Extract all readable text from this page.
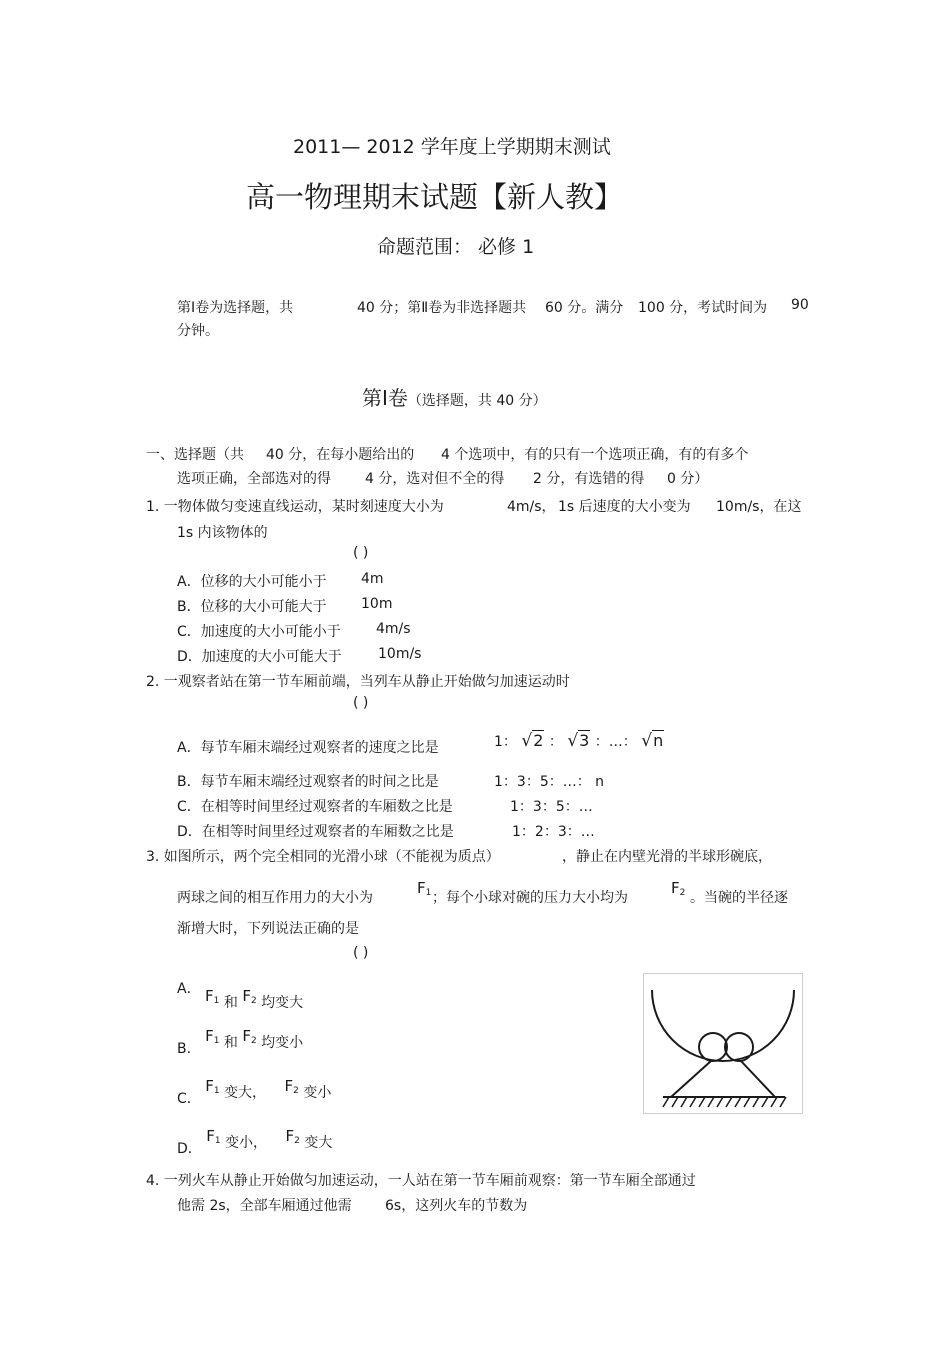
2011— 2012 学年度上学期期末测试
高一物理期末试题【新人教】
命题范围： 必修 1
第Ⅰ卷为选择题，共	40 分；第Ⅱ卷为非选择题共 60 分。满分 100 分，考试时间为 90
分钟。
第Ⅰ卷（选择题，共 40 分）
一、选择题（共 40 分，在每小题给出的 4 个选项中，有的只有一个选项正确，有的有多个
选项正确，全部选对的得 4 分，选对但不全的得 2 分，有选错的得 0 分）
1. 一物体做匀变速直线运动，某时刻速度大小为	4m/s， 1s 后速度的大小变为 10m/s，在这
1s 内该物体的
( )
A．位移的大小可能小于 4m
B．位移的大小可能大于 10m
C．加速度的大小可能小于	4m/s
D．加速度的大小可能大于	10m/s
2. 一观察者站在第一节车厢前端，当列车从静止开始做匀加速运动时
( )
A．每节车厢末端经过观察者的速度之比是	1： √2 ： √3 ：…： √n
B．每节车厢末端经过观察者的时间之比是	1：3：5：…： n
C．在相等时间里经过观察者的车厢数之比是	1：3：5：…
D．在相等时间里经过观察者的车厢数之比是	1：2：3：…
3. 如图所示，两个完全相同的光滑小球（不能视为质点）	，静止在内壁光滑的半球形碗底，
两球之间的相互作用力的大小为
$F_1$ ；每个小球对碗的压力大小均为
$F_2$ 。当碗的半径逐
渐增大时，下列说法正确的是
( )
A． $F_1$ 和 $F_2$ 均变大
B． $F_1$ 和 $F_2$ 均变小
C． $F_1$ 变大， $F_2$ 变小
D． $F_1$ 变小， $F_2$ 变大
4. 一列火车从静止开始做匀加速运动，一人站在第一节车厢前观察：第一节车厢全部通过
他需 2s，全部车厢通过他需 6s，这列火车的节数为
